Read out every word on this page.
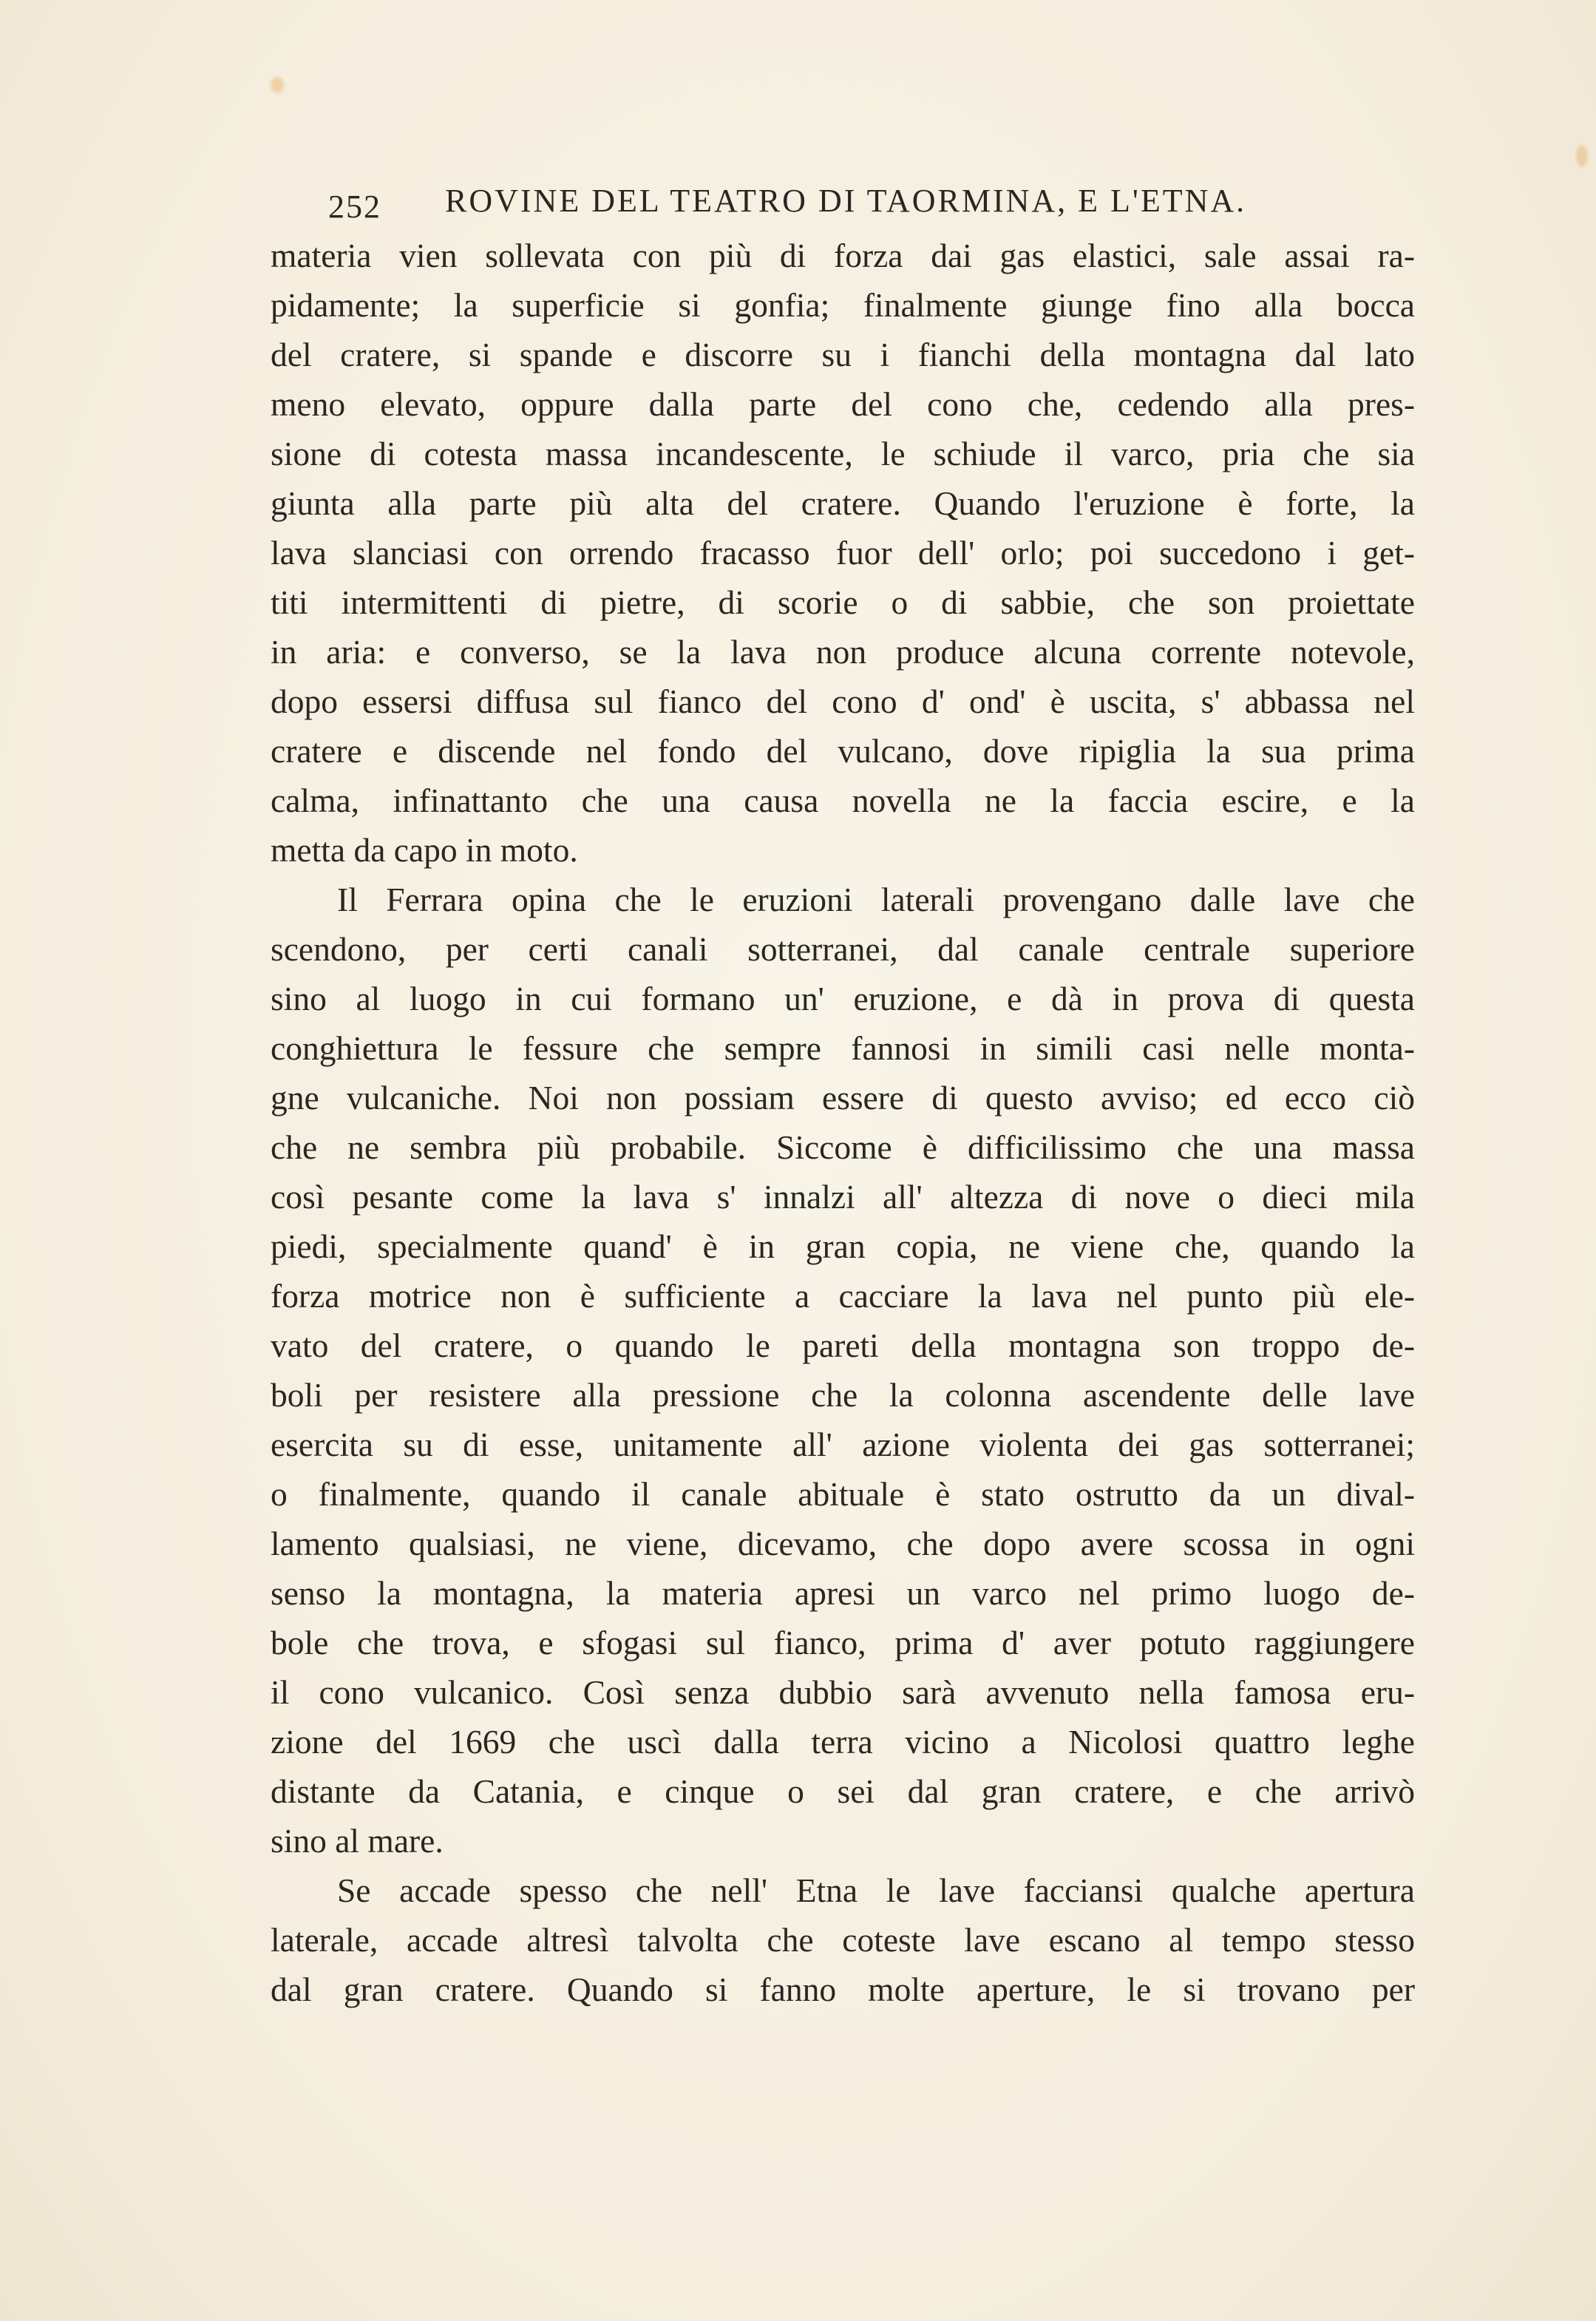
252 ROVINE DEL TEATRO DI TAORMINA, E L'ETNA.
materia vien sollevata con più di forza dai gas elastici, sale assai ra-
pidamente; la superficie si gonfia; finalmente giunge fino alla bocca
del cratere, si spande e discorre su i fianchi della montagna dal lato
meno elevato, oppure dalla parte del cono che, cedendo alla pres-
sione di cotesta massa incandescente, le schiude il varco, pria che sia
giunta alla parte più alta del cratere. Quando l'eruzione è forte, la
lava slanciasi con orrendo fracasso fuor dell' orlo; poi succedono i get-
titi intermittenti di pietre, di scorie o di sabbie, che son proiettate
in aria: e converso, se la lava non produce alcuna corrente notevole,
dopo essersi diffusa sul fianco del cono d' ond' è uscita, s' abbassa nel
cratere e discende nel fondo del vulcano, dove ripiglia la sua prima
calma, infinattanto che una causa novella ne la faccia escire, e la
metta da capo in moto.
Il Ferrara opina che le eruzioni laterali provengano dalle lave che
scendono, per certi canali sotterranei, dal canale centrale superiore
sino al luogo in cui formano un' eruzione, e dà in prova di questa
conghiettura le fessure che sempre fannosi in simili casi nelle monta-
gne vulcaniche. Noi non possiam essere di questo avviso; ed ecco ciò
che ne sembra più probabile. Siccome è difficilissimo che una massa
così pesante come la lava s' innalzi all' altezza di nove o dieci mila
piedi, specialmente quand' è in gran copia, ne viene che, quando la
forza motrice non è sufficiente a cacciare la lava nel punto più ele-
vato del cratere, o quando le pareti della montagna son troppo de-
boli per resistere alla pressione che la colonna ascendente delle lave
esercita su di esse, unitamente all' azione violenta dei gas sotterranei;
o finalmente, quando il canale abituale è stato ostrutto da un dival-
lamento qualsiasi, ne viene, dicevamo, che dopo avere scossa in ogni
senso la montagna, la materia apresi un varco nel primo luogo de-
bole che trova, e sfogasi sul fianco, prima d' aver potuto raggiungere
il cono vulcanico. Così senza dubbio sarà avvenuto nella famosa eru-
zione del 1669 che uscì dalla terra vicino a Nicolosi quattro leghe
distante da Catania, e cinque o sei dal gran cratere, e che arrivò
sino al mare.
Se accade spesso che nell' Etna le lave facciansi qualche apertura
laterale, accade altresì talvolta che coteste lave escano al tempo stesso
dal gran cratere. Quando si fanno molte aperture, le si trovano per
